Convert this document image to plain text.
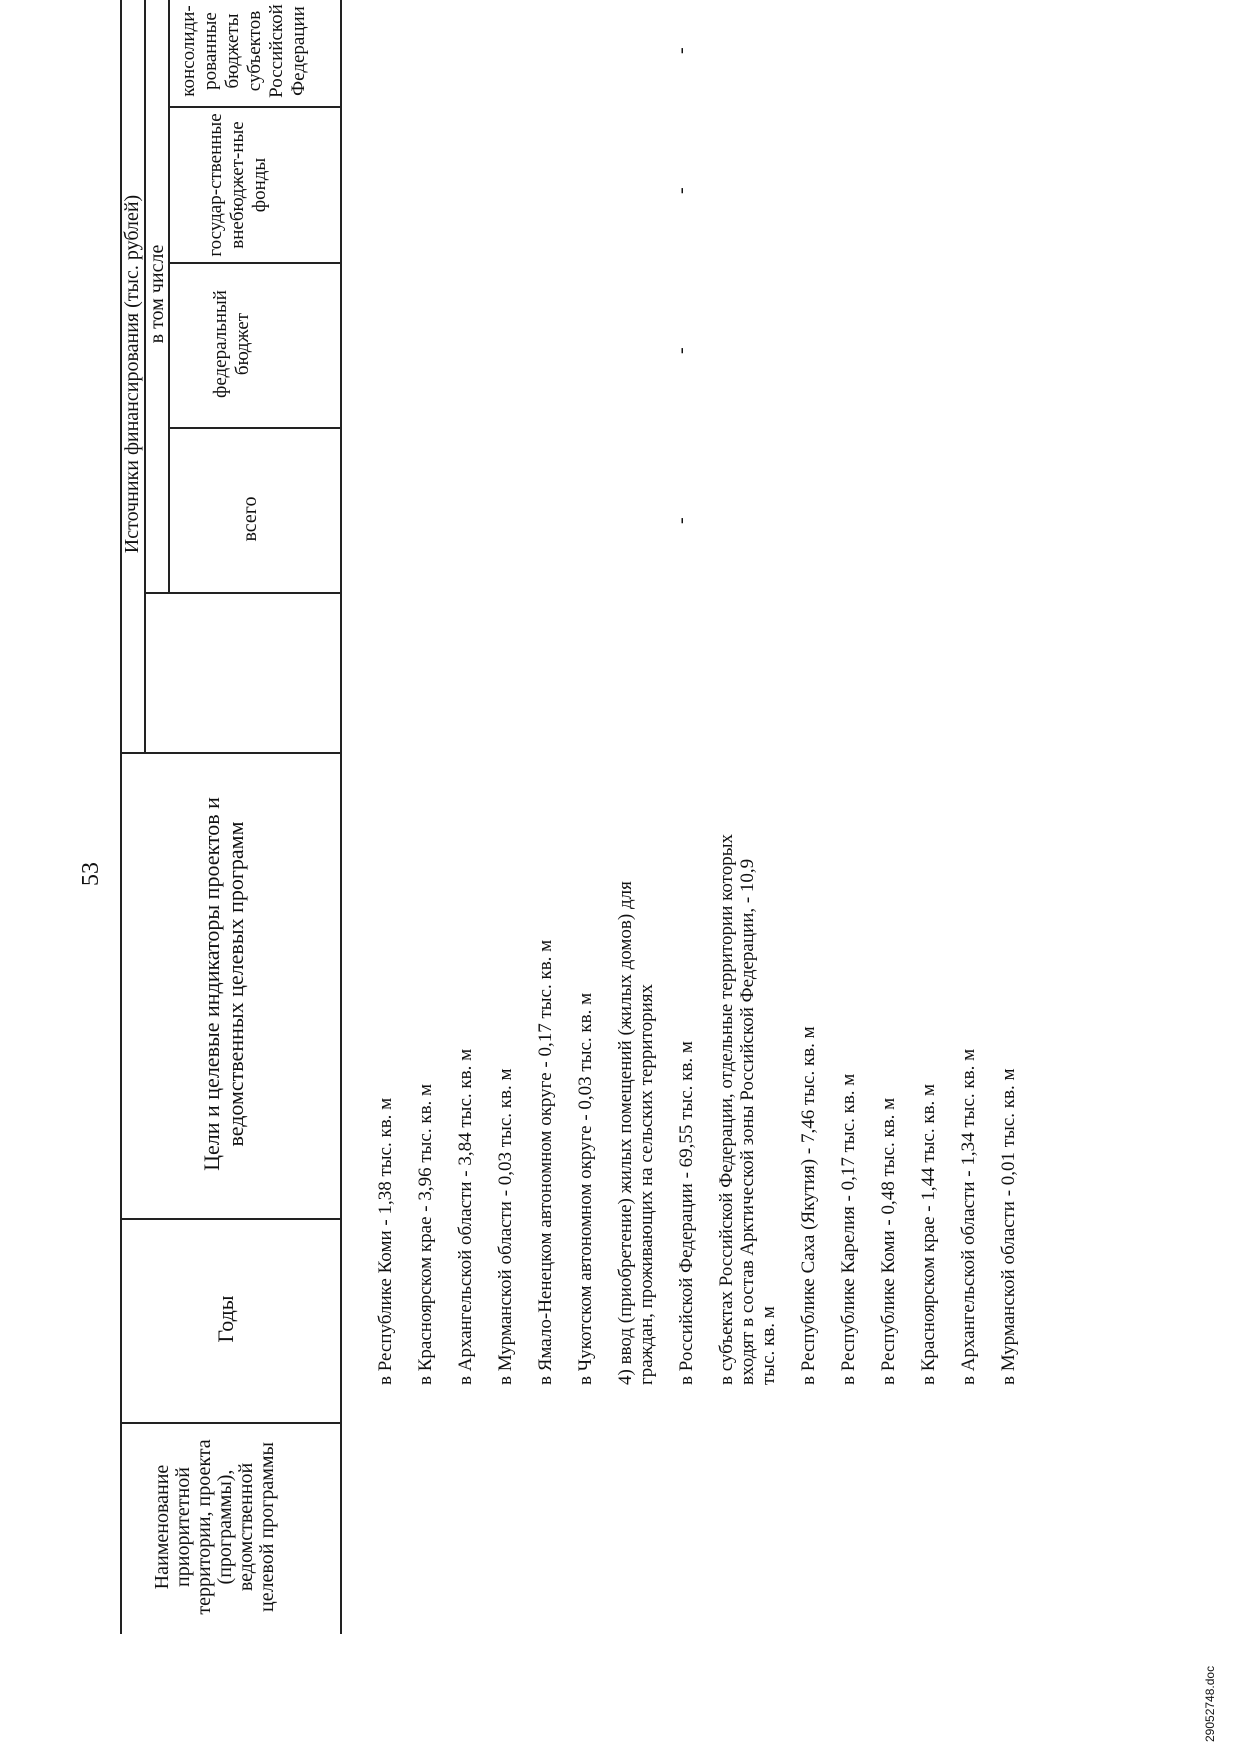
53
Наименование приоритетной территории, проекта (программы), ведомственной целевой программы
Годы
Цели и целевые индикаторы проектов и ведомственных целевых программ
Источники финансирования (тыс. рублей)	всего
в том числе федеральный бюджет
государ-ственные внебюджет-ные фонды
консолиди-рованные бюджеты субъектов Российской Федерации
в Республике Коми - 1,38 тыс. кв. м в Красноярском крае - 3,96 тыс. кв. м в Архангельской области - 3,84 тыс. кв. м в Мурманской области - 0,03 тыс. кв. м в Ямало-Ненецком автономном округе - 0,17 тыс. кв. м в Чукотском автономном округе - 0,03 тыс. кв. м 4) ввод (приобретение) жилых помещений (жилых домов) для граждан, проживающих на сельских территориях в Российской Федерации - 69,55 тыс. кв. м в субъектах Российской Федерации, отдельные территории которых входят в состав Арктической зоны Российской Федерации, - 10,9 тыс. кв. м в Республике Саха (Якутия) - 7,46 тыс. кв. м в Республике Карелия - 0,17 тыс. кв. м в Республике Коми - 0,48 тыс. кв. м в Красноярском крае - 1,44 тыс. кв. м в Архангельской области - 1,34 тыс. кв. м в Мурманской области - 0,01 тыс. кв. м
-
-
-
-
29052748.doc
